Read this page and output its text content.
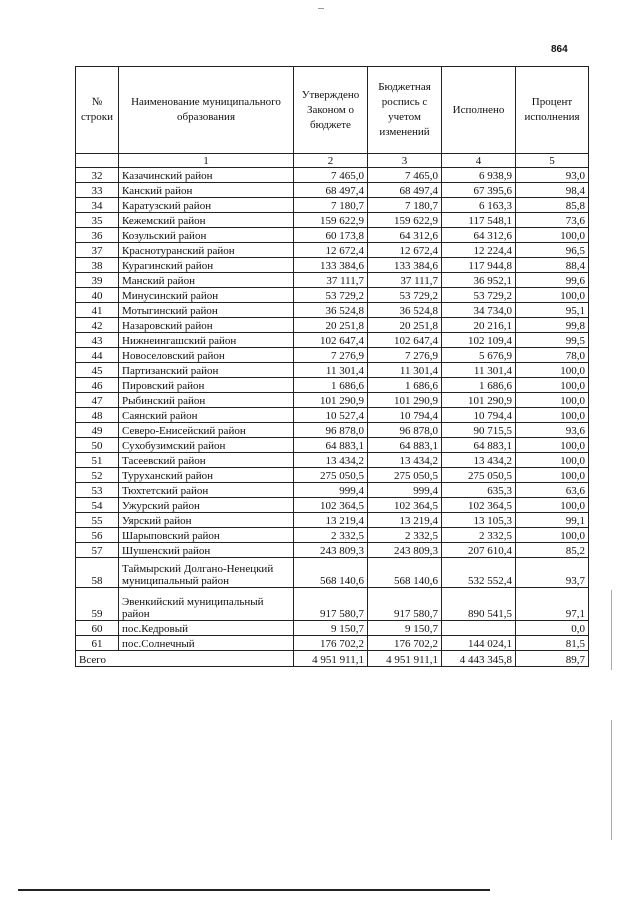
864
№ строки	Наименование муниципального образования	Утверждено Законом о бюджете	Бюджетная роспись с учетом изменений	Исполнено	Процент исполнения
	1	2	3	4	5
32	Казачинский район	7 465,0	7 465,0	6 938,9	93,0
33	Канский район	68 497,4	68 497,4	67 395,6	98,4
34	Каратузский район	7 180,7	7 180,7	6 163,3	85,8
35	Кежемский район	159 622,9	159 622,9	117 548,1	73,6
36	Козульский район	60 173,8	64 312,6	64 312,6	100,0
37	Краснотуранский район	12 672,4	12 672,4	12 224,4	96,5
38	Курагинский район	133 384,6	133 384,6	117 944,8	88,4
39	Манский район	37 111,7	37 111,7	36 952,1	99,6
40	Минусинский район	53 729,2	53 729,2	53 729,2	100,0
41	Мотыгинский район	36 524,8	36 524,8	34 734,0	95,1
42	Назаровский район	20 251,8	20 251,8	20 216,1	99,8
43	Нижнеингашский район	102 647,4	102 647,4	102 109,4	99,5
44	Новоселовский район	7 276,9	7 276,9	5 676,9	78,0
45	Партизанский район	11 301,4	11 301,4	11 301,4	100,0
46	Пировский район	1 686,6	1 686,6	1 686,6	100,0
47	Рыбинский район	101 290,9	101 290,9	101 290,9	100,0
48	Саянский район	10 527,4	10 794,4	10 794,4	100,0
49	Северо-Енисейский район	96 878,0	96 878,0	90 715,5	93,6
50	Сухобузимский район	64 883,1	64 883,1	64 883,1	100,0
51	Тасеевский район	13 434,2	13 434,2	13 434,2	100,0
52	Туруханский район	275 050,5	275 050,5	275 050,5	100,0
53	Тюхтетский район	999,4	999,4	635,3	63,6
54	Ужурский район	102 364,5	102 364,5	102 364,5	100,0
55	Уярский район	13 219,4	13 219,4	13 105,3	99,1
56	Шарыповский район	2 332,5	2 332,5	2 332,5	100,0
57	Шушенский район	243 809,3	243 809,3	207 610,4	85,2
58	Таймырский Долгано-Ненецкий муниципальный район	568 140,6	568 140,6	532 552,4	93,7
59	Эвенкийский муниципальный район	917 580,7	917 580,7	890 541,5	97,1
60	пос.Кедровый	9 150,7	9 150,7		0,0
61	пос.Солнечный	176 702,2	176 702,2	144 024,1	81,5
Всего		4 951 911,1	4 951 911,1	4 443 345,8	89,7
